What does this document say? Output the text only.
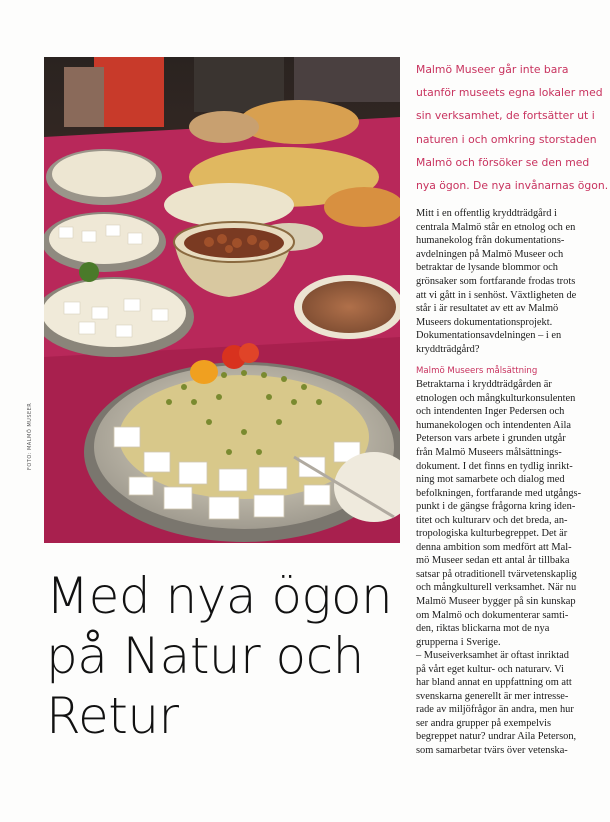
FOTO: MALMÖ MUSEER
Med nya ögon
på Natur och
Retur

Malmö Museer går inte bara
utanför museets egna lokaler med
sin verksamhet, de fortsätter ut i
naturen i och omkring storstaden
Malmö och försöker se den med
nya ögon. De nya invånarnas ögon.

Mitt i en offentlig kryddträdgård i
centrala Malmö står en etnolog och en
humanekolog från dokumentations-
avdelningen på Malmö Museer och
betraktar de lysande blommor och
grönsaker som fortfarande frodas trots
att vi gått in i senhöst. Växtligheten de
står i är resultatet av ett av Malmö
Museers dokumentationsprojekt.
Dokumentationsavdelningen – i en
kryddträdgård?

Malmö Museers målsättning

Betraktarna i kryddträdgården är
etnologen och mångkulturkonsulenten
och intendenten Inger Pedersen och
humanekologen och intendenten Aila
Peterson vars arbete i grunden utgår
från Malmö Museers målsättnings-
dokument. I det finns en tydlig inrikt-
ning mot samarbete och dialog med
befolkningen, fortfarande med utgångs-
punkt i de gängse frågorna kring iden-
titet och kulturarv och det breda, an-
tropologiska kulturbegreppet. Det är
denna ambition som medfört att Mal-
mö Museer sedan ett antal år tillbaka
satsar på otraditionell tvärvetenskaplig
och mångkulturell verksamhet. När nu
Malmö Museer bygger på sin kunskap
om Malmö och dokumenterar samti-
den, riktas blickarna mot de nya
grupperna i Sverige.
– Museiverksamhet är oftast inriktad
på vårt eget kultur- och naturarv. Vi
har bland annat en uppfattning om att
svenskarna generellt är mer intresse-
rade av miljöfrågor än andra, men hur
ser andra grupper på exempelvis
begreppet natur? undrar Aila Peterson,
som samarbetar tvärs över vetenska-
